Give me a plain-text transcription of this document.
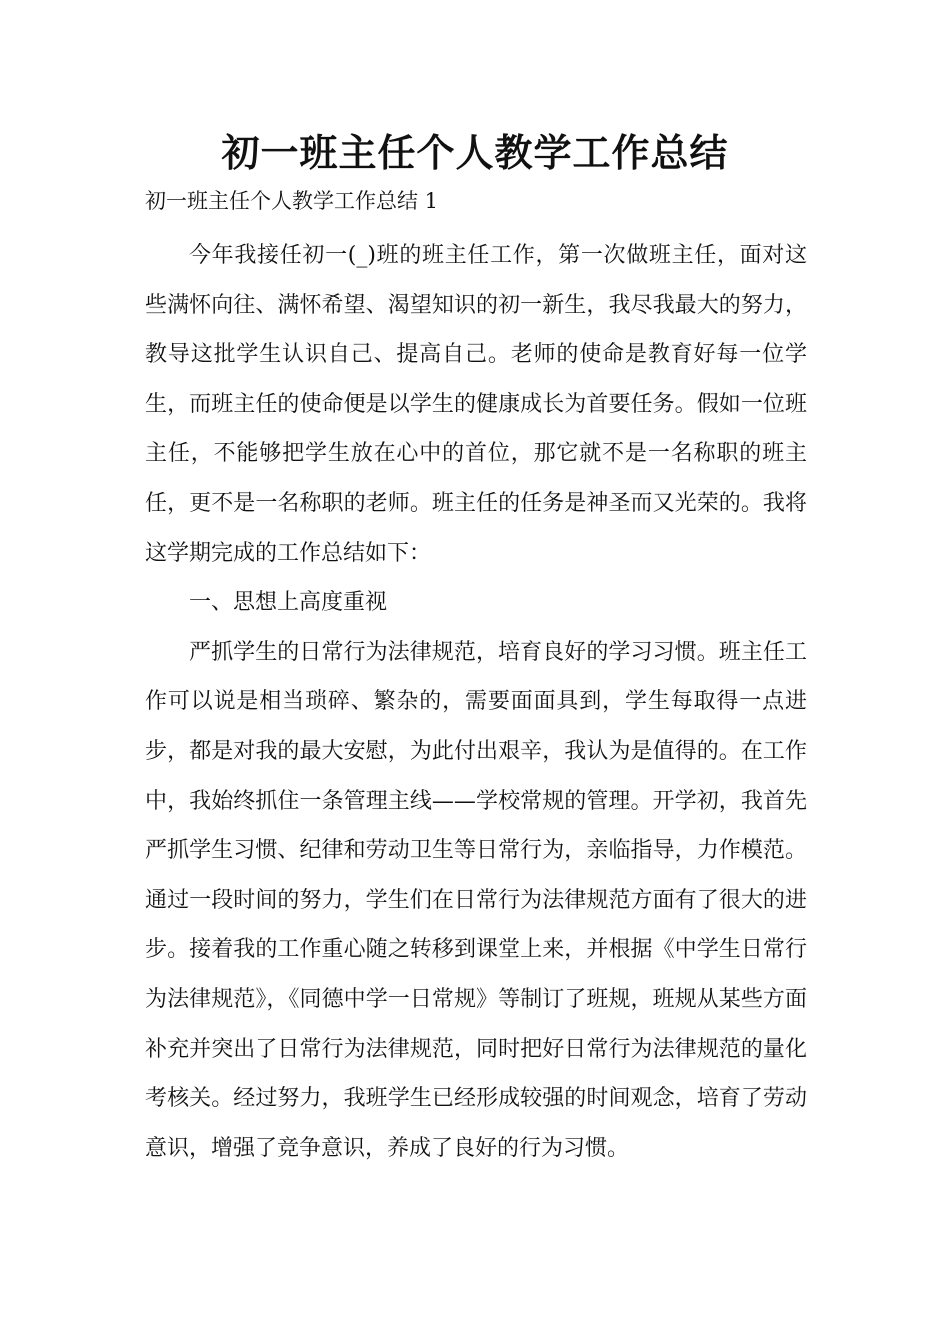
初一班主任个人教学工作总结

初一班主任个人教学工作总结 1

今年我接任初一(_)班的班主任工作，第一次做班主任，面对这些满怀向往、满怀希望、渴望知识的初一新生，我尽我最大的努力，教导这批学生认识自己、提高自己。老师的使命是教育好每一位学生，而班主任的使命便是以学生的健康成长为首要任务。假如一位班主任，不能够把学生放在心中的首位，那它就不是一名称职的班主任，更不是一名称职的老师。班主任的任务是神圣而又光荣的。我将这学期完成的工作总结如下：

一、思想上高度重视

严抓学生的日常行为法律规范，培育良好的学习习惯。班主任工作可以说是相当琐碎、繁杂的，需要面面具到，学生每取得一点进步，都是对我的最大安慰，为此付出艰辛，我认为是值得的。在工作中，我始终抓住一条管理主线——学校常规的管理。开学初，我首先严抓学生习惯、纪律和劳动卫生等日常行为，亲临指导，力作模范。通过一段时间的努力，学生们在日常行为法律规范方面有了很大的进步。接着我的工作重心随之转移到课堂上来，并根据《中学生日常行为法律规范》，《同德中学一日常规》等制订了班规，班规从某些方面补充并突出了日常行为法律规范，同时把好日常行为法律规范的量化考核关。经过努力，我班学生已经形成较强的时间观念，培育了劳动意识，增强了竞争意识，养成了良好的行为习惯。
